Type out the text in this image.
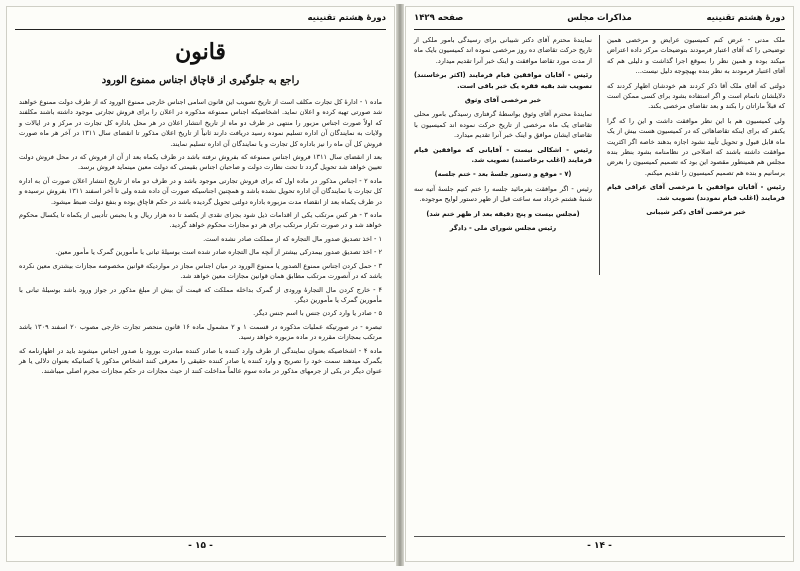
دورهٔ هشتم تقنینیه
قانون
راجع به جلوگیری از قاچاق اجناس ممنوع الورود

ماده ۱ - ادارهٔ کل تجارت مکلف است از تاریخ تصویب این قانون اسامی اجناس خارجی ممنوع الورود که از طرف دولت ممنوع خواهند شد صورتی تهیه کرده و اعلان نماید. اشخاصیکه اجناس ممنوعه مذکوره در اعلان را برای فروش تجارتی موجود داشته باشند مکلفند که اولاً صورت اجناس مزبور را منتهی در ظرف دو ماه از تاریخ انتشار اعلان در هر محل باداره کل تجارت در مرکز و در ایالات و ولایات به نمایندگان آن اداره تسلیم نموده رسید دریافت دارند ثانیاً از تاریخ اعلان مذکور تا انقضای سال ۱۳۱۱ در آخر هر ماه صورت فروش کل آن ماه را نیز باداره کل تجارت و یا نمایندگان آن اداره تسلیم نمایند.

بعد از انقضای سال ۱۳۱۱ فروش اجناس ممنوعه که بفروش نرفته باشد در ظرف یکماه بعد از آن از فروش که در محل فروش دولت تعیین خواهد شد تحویل گردد تا تحت نظارت دولت و صاحبان اجناس بقیمتی که دولت معین مینماید فروش برسد.

ماده ۲ - اجناس مذکور در ماده اول که برای فروش تجارتی موجود باشد و در ظرف دو ماه از تاریخ انتشار اعلان صورت آن به اداره کل تجارت یا نمایندگان آن اداره تحویل نشده باشد و همچنین اجناسیکه صورت آن داده شده ولی تا آخر اسفند ۱۳۱۱ بفروش نرسیده و در ظرف یکماه بعد از انقضاء مدت مزبوره باداره دولتی تحویل گردیده باشد در حکم قاچاق بوده و بنفع دولت ضبط میشود.

ماده ۳ - هر کس مرتکب یکی از اقدامات ذیل شود بجزای نقدی از یکصد تا ده هزار ریال و یا بحبس تأدیبی از یکماه تا یکسال محکوم خواهد شد و در صورت تکرار مرتکب برای هر دو مجازات محکوم خواهد گردید.

۱ - اخذ تصدیق صدور مال التجاره که از مملکت صادر نشده است.

۲ - اخذ تصدیق صدور بیمدرکی بیشتر از آنچه مال التجاره صادر شده است بوسیلهٔ تبانی با مأمورین گمرک یا مأمور معین.

۳ - حمل کردن اجناس ممنوع الصدور یا ممنوع الورود در میان اجناس مجاز در مواردیکه قوانین مخصوصه مجازات بیشتری معین نکرده باشد که در آنصورت مرتکب مطابق همان قوانین مجازات معین خواهد شد.

۴ - خارج کردن مال التجارهٔ ورودی از گمرک بداخله مملکت که قیمت آن بیش از مبلغ مذکور در جواز ورود باشد بوسیلهٔ تبانی با مأمورین گمرک یا مأمورین دیگر.

۵ - صادر یا وارد کردن جنس با اسم جنس دیگر.

تبصره - در صورتیکه عملیات مذکوره در قسمت ۱ و ۲ مشمول ماده ۱۶ قانون منحصر تجارت خارجی مصوب ۲۰ اسفند ۱۳۰۹ باشد مرتکب بمجازات مقرره در ماده مزبوره خواهد رسید.

ماده ۴ - اشخاصیکه بعنوان نمایندگی از طرف وارد کننده یا صادر کننده مبادرت بورود یا صدور اجناس میشوند باید در اظهارنامه که بگمرک میدهند سمت خود را تصریح و وارد کننده یا صادر کننده حقیقی را معرفی کنند اشخاص مذکور یا کسانیکه بعنوان دلالی یا هر عنوان دیگر در یکی از جرمهای مذکور در ماده سوم عالماً مداخلت کنند از حیث مجازات در حکم مجازات مجرم اصلی میباشند.

- ۱۵ -
دورهٔ هشتم تقنینیه
مذاکرات مجلس
صفحه ۱۴۲۹

ملک مدنی - عرض کنم کمیسیون عرایض و مرخصی همین توضیحی را که آقای اعتبار فرمودند بتوضیحات مرکز داده اعتراض میکند بوده و همین نظر را بموقع اجرا گذاشت و دلیلی هم که آقای اعتبار فرمودند به نظر بنده بهیچوجه دلیل نیست...

دولتی که آقای ملک آقا ذکر کردند هم خودشان اظهار کردند که دلایلشان ناتمام است و اگر استفاده بشود برای کسی ممکن است که قبلاً ماراتان را بکند و بعد تقاضای مرخصی بکند.

ولی کمیسیون هم با این نظر موافقت داشت و این را که گرا یکنفر که برای اینکه تقاضاهائی که در کمیسیون هست بیش از یک ماه قابل قبول و تحویل تأیید نشود اجازه بدهند خاصه اگر اکثریت موافقت داشته باشند که اصلاحی در نظامنامه بشود بنظر بنده مجلس هم همینطور مقصود این بود که تصمیم کمیسیون را بعرض برسانیم و بنده هم تصمیم کمیسیون را تقدیم میکنم.

رئیس - آقایان موافقین با مرخصی آقای عراقی قیام فرمایند (اغلب قیام نمودند) تصویب شد.

خبر مرخصی آقای دکتر شیبانی

نمایندهٔ محترم آقای دکتر شیبانی برای رسیدگی بامور ملکی از تاریخ حرکت تقاضای ده روز مرخصی نموده اند کمیسیون بایک ماه از مدت مورد تقاضا موافقت و اینک خبر آنرا تقدیم میدارد.

رئیس - آقایان موافقین قیام فرمایند (اکثر برخاستند) تصویب شد بقیه فقره یک خبر باقی است.

خبر مرخصی آقای وثوق

نمایندهٔ محترم آقای وثوق بواسطهٔ گرفتاری رسیدگی بامور محلی تقاضای یک ماه مرخصی از تاریخ حرکت نموده اند کمیسیون با تقاضای ایشان موافق و اینک خبر آنرا تقدیم میدارد.

رئیس - اشکالی نیست - آقایانی که موافقین قیام فرمایند (اغلب برخاستند) تصویب شد.

(۷ - موقع و دستور جلسهٔ بعد - ختم جلسه)

رئیس - اگر موافقت بفرمائید جلسه را ختم کنیم جلسهٔ آتیه سه شنبهٔ هشتم خرداد سه ساعت قبل از ظهر دستور لوایح موجوده.

(مجلس بیست و پنج دقیقه بعد از ظهر ختم شد)

رئیس مجلس شورای ملی - دادگر

- ۱۴ -
